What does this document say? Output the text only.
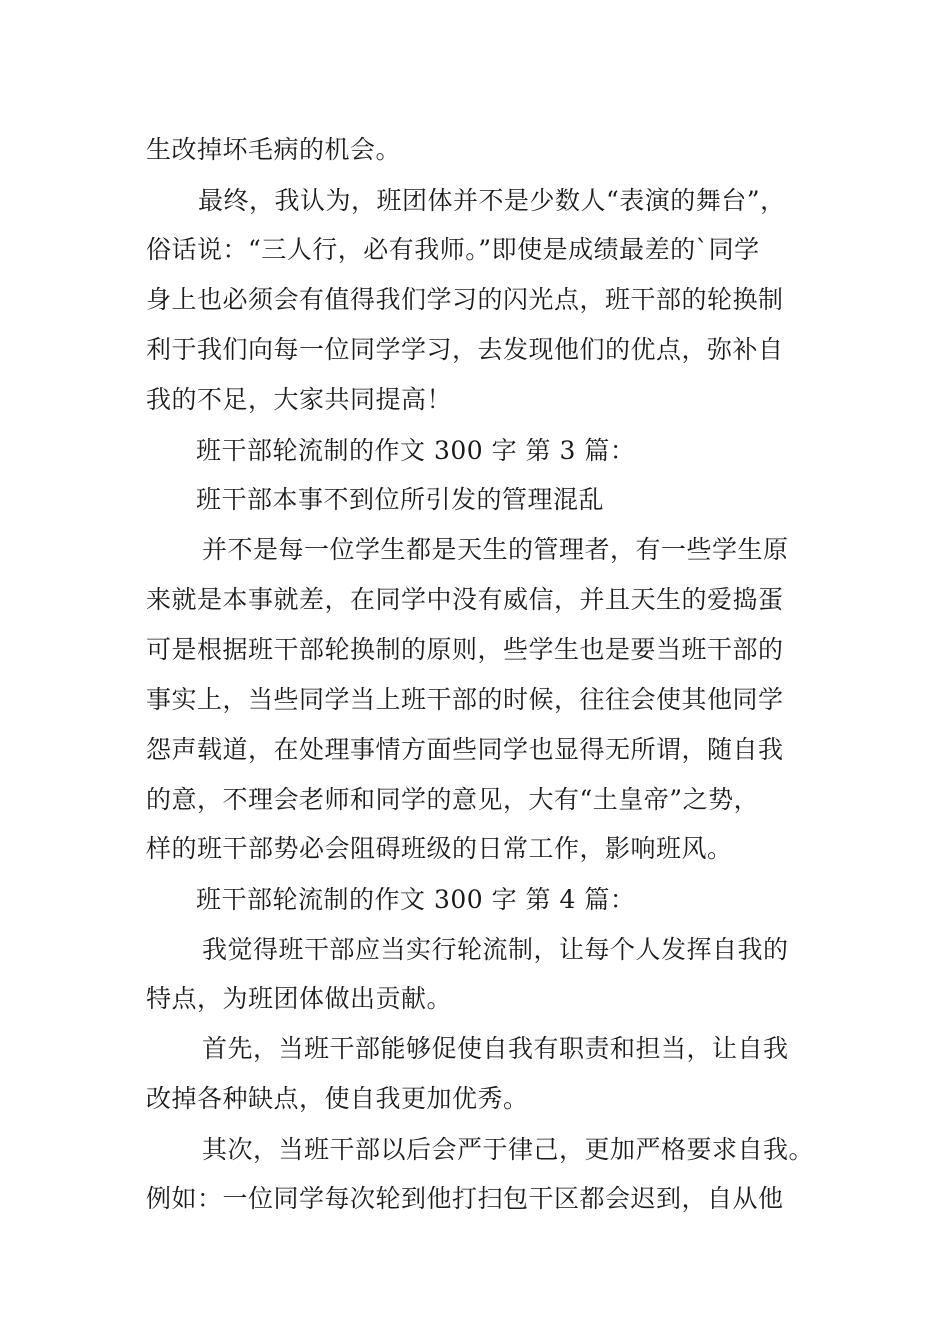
生改掉坏毛病的机会。
最终，我认为，班团体并不是少数人“表演的舞台”，
俗话说：“三人行，必有我师。”即使是成绩最差的`同学
身上也必须会有值得我们学习的闪光点，班干部的轮换制
利于我们向每一位同学学习，去发现他们的优点，弥补自
我的不足，大家共同提高！
班干部轮流制的作文 300 字 第 3 篇：
班干部本事不到位所引发的管理混乱
并不是每一位学生都是天生的管理者，有一些学生原
来就是本事就差，在同学中没有威信，并且天生的爱捣蛋
可是根据班干部轮换制的原则，些学生也是要当班干部的
事实上，当些同学当上班干部的时候，往往会使其他同学
怨声载道，在处理事情方面些同学也显得无所谓，随自我
的意，不理会老师和同学的意见，大有“土皇帝”之势，
样的班干部势必会阻碍班级的日常工作，影响班风。
班干部轮流制的作文 300 字 第 4 篇：
我觉得班干部应当实行轮流制，让每个人发挥自我的
特点，为班团体做出贡献。
首先，当班干部能够促使自我有职责和担当，让自我
改掉各种缺点，使自我更加优秀。
其次，当班干部以后会严于律己，更加严格要求自我。
例如：一位同学每次轮到他打扫包干区都会迟到，自从他
